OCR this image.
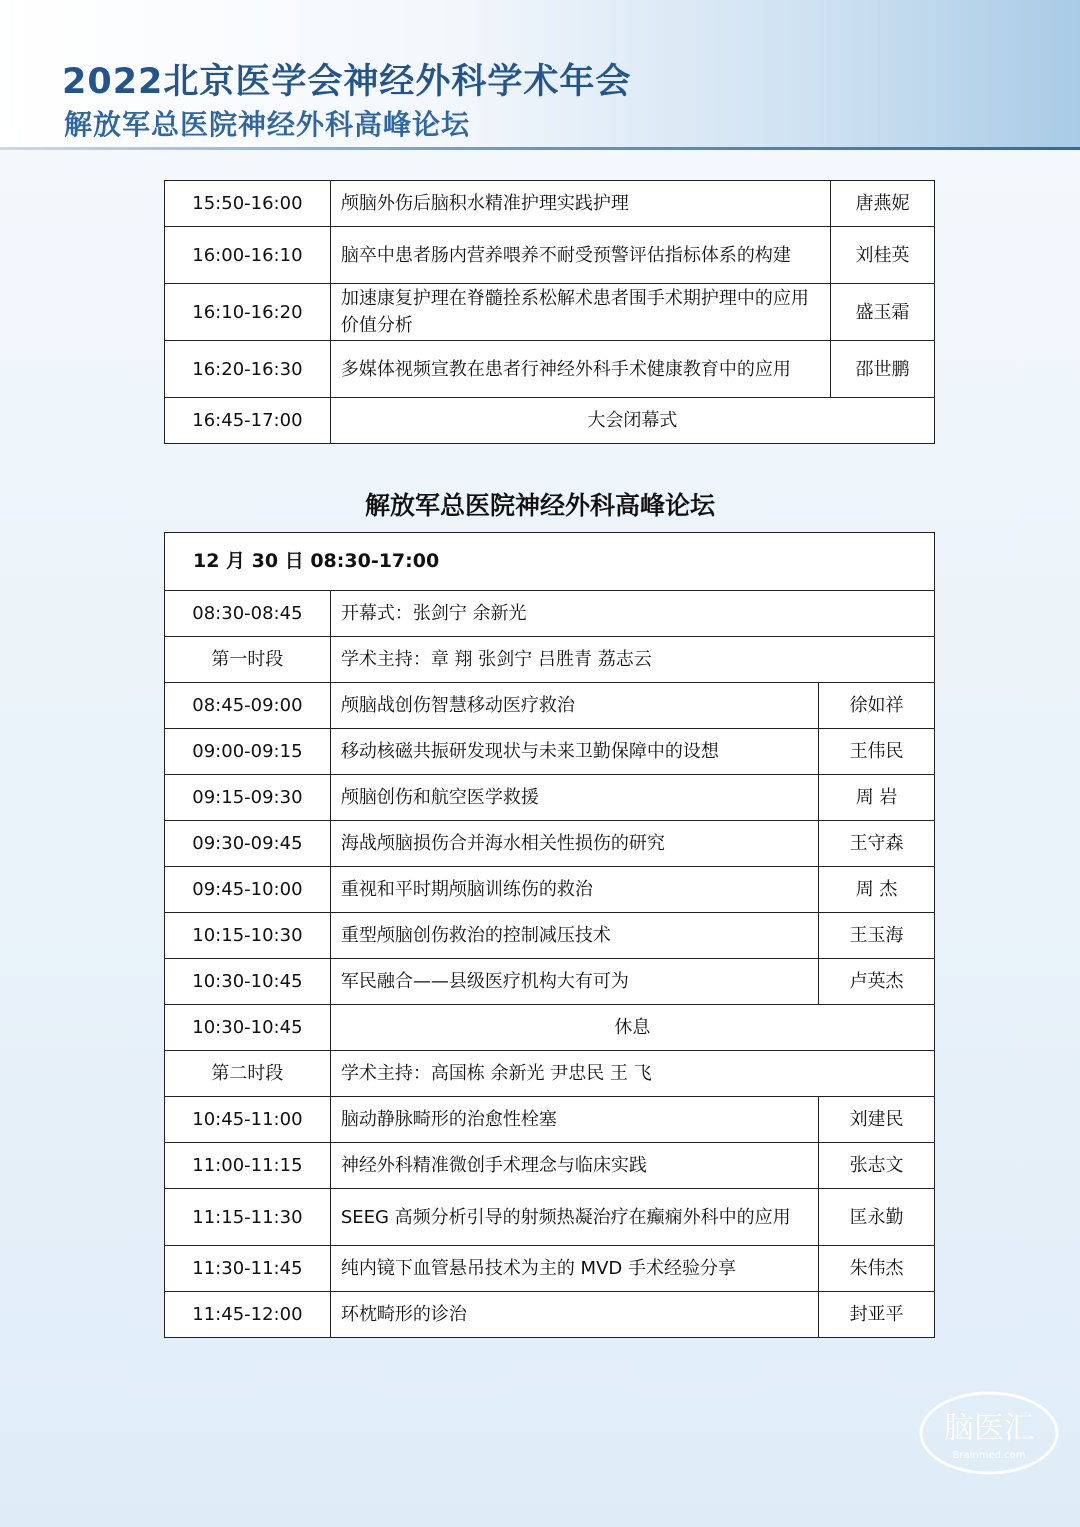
2022北京医学会神经外科学术年会
解放军总医院神经外科高峰论坛
15:50-16:00	颅脑外伤后脑积水精准护理实践护理	唐燕妮
16:00-16:10	脑卒中患者肠内营养喂养不耐受预警评估指标体系的构建	刘桂英
16:10-16:20	加速康复护理在脊髓拴系松解术患者围手术期护理中的应用价值分析	盛玉霜
16:20-16:30	多媒体视频宣教在患者行神经外科手术健康教育中的应用	邵世鹏
16:45-17:00	大会闭幕式	
解放军总医院神经外科高峰论坛
12 月 30 日 08:30-17:00		
08:30-08:45	开幕式：张剑宁 余新光	
第一时段	学术主持：章 翔 张剑宁 吕胜青 荔志云	
08:45-09:00	颅脑战创伤智慧移动医疗救治	徐如祥
09:00-09:15	移动核磁共振研发现状与未来卫勤保障中的设想	王伟民
09:15-09:30	颅脑创伤和航空医学救援	周 岩
09:30-09:45	海战颅脑损伤合并海水相关性损伤的研究	王守森
09:45-10:00	重视和平时期颅脑训练伤的救治	周 杰
10:15-10:30	重型颅脑创伤救治的控制减压技术	王玉海
10:30-10:45	军民融合——县级医疗机构大有可为	卢英杰
10:30-10:45	休息	
第二时段	学术主持：高国栋 余新光 尹忠民 王 飞	
10:45-11:00	脑动静脉畸形的治愈性栓塞	刘建民
11:00-11:15	神经外科精准微创手术理念与临床实践	张志文
11:15-11:30	SEEG 高频分析引导的射频热凝治疗在癫痫外科中的应用	匡永勤
11:30-11:45	纯内镜下血管悬吊技术为主的 MVD 手术经验分享	朱伟杰
11:45-12:00	环枕畸形的诊治	封亚平
脑医汇
Brainmed.com
